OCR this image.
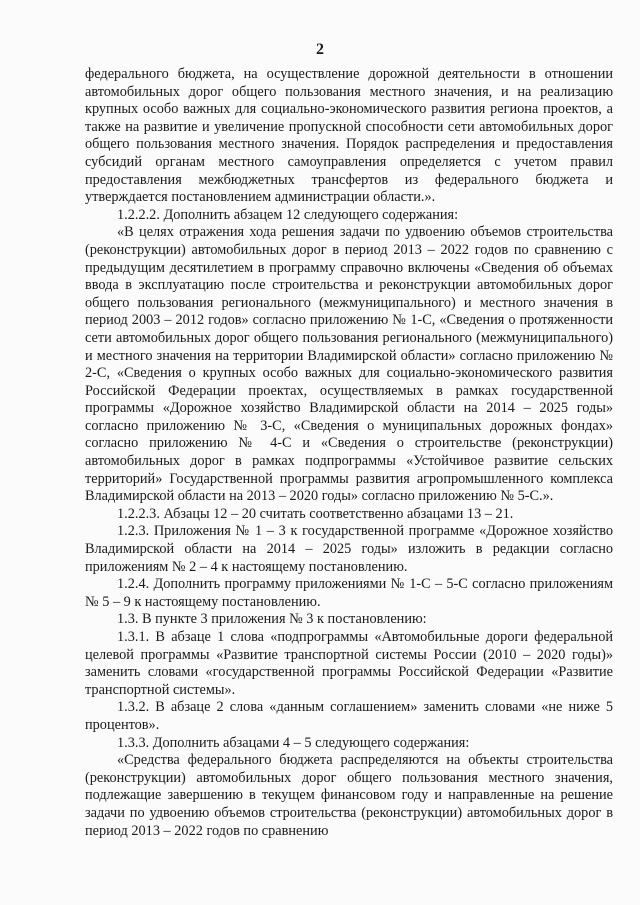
2

федерального бюджета, на осуществление дорожной деятельности в отношении автомобильных дорог общего пользования местного значения, и на реализацию крупных особо важных для социально-экономического развития региона проектов, а также на развитие и увеличение пропускной способности сети автомобильных дорог общего пользования местного значения. Порядок распределения и предоставления субсидий органам местного самоуправления определяется с учетом правил предоставления межбюджетных трансфертов из федерального бюджета и утверждается постановлением администрации области.».

1.2.2.2. Дополнить абзацем 12 следующего содержания:

«В целях отражения хода решения задачи по удвоению объемов строительства (реконструкции) автомобильных дорог в период 2013 – 2022 годов по сравнению с предыдущим десятилетием в программу справочно включены «Сведения об объемах ввода в эксплуатацию после строительства и реконструкции автомобильных дорог общего пользования регионального (межмуниципального) и местного значения в период 2003 – 2012 годов» согласно приложению № 1-С, «Сведения о протяженности сети автомобильных дорог общего пользования регионального (межмуниципального) и местного значения на территории Владимирской области» согласно приложению № 2-С, «Сведения о крупных особо важных для социально-экономического развития Российской Федерации проектах, осуществляемых в рамках государственной программы «Дорожное хозяйство Владимирской области на 2014 – 2025 годы» согласно приложению № 3-С, «Сведения о муниципальных дорожных фондах» согласно приложению № 4-С и «Сведения о строительстве (реконструкции) автомобильных дорог в рамках подпрограммы «Устойчивое развитие сельских территорий» Государственной программы развития агропромышленного комплекса Владимирской области на 2013 – 2020 годы» согласно приложению № 5-С.».

1.2.2.3. Абзацы 12 – 20 считать соответственно абзацами 13 – 21.

1.2.3. Приложения № 1 – 3 к государственной программе «Дорожное хозяйство Владимирской области на 2014 – 2025 годы» изложить в редакции согласно приложениям № 2 – 4 к настоящему постановлению.

1.2.4. Дополнить программу приложениями № 1-С – 5-С согласно приложениям № 5 – 9 к настоящему постановлению.

1.3. В пункте 3 приложения № 3 к постановлению:

1.3.1. В абзаце 1 слова «подпрограммы «Автомобильные дороги федеральной целевой программы «Развитие транспортной системы России (2010 – 2020 годы)» заменить словами «государственной программы Российской Федерации «Развитие транспортной системы».

1.3.2. В абзаце 2 слова «данным соглашением» заменить словами «не ниже 5 процентов».

1.3.3. Дополнить абзацами 4 – 5 следующего содержания:

«Средства федерального бюджета распределяются на объекты строительства (реконструкции) автомобильных дорог общего пользования местного значения, подлежащие завершению в текущем финансовом году и направленные на решение задачи по удвоению объемов строительства (реконструкции) автомобильных дорог в период 2013 – 2022 годов по сравнению
